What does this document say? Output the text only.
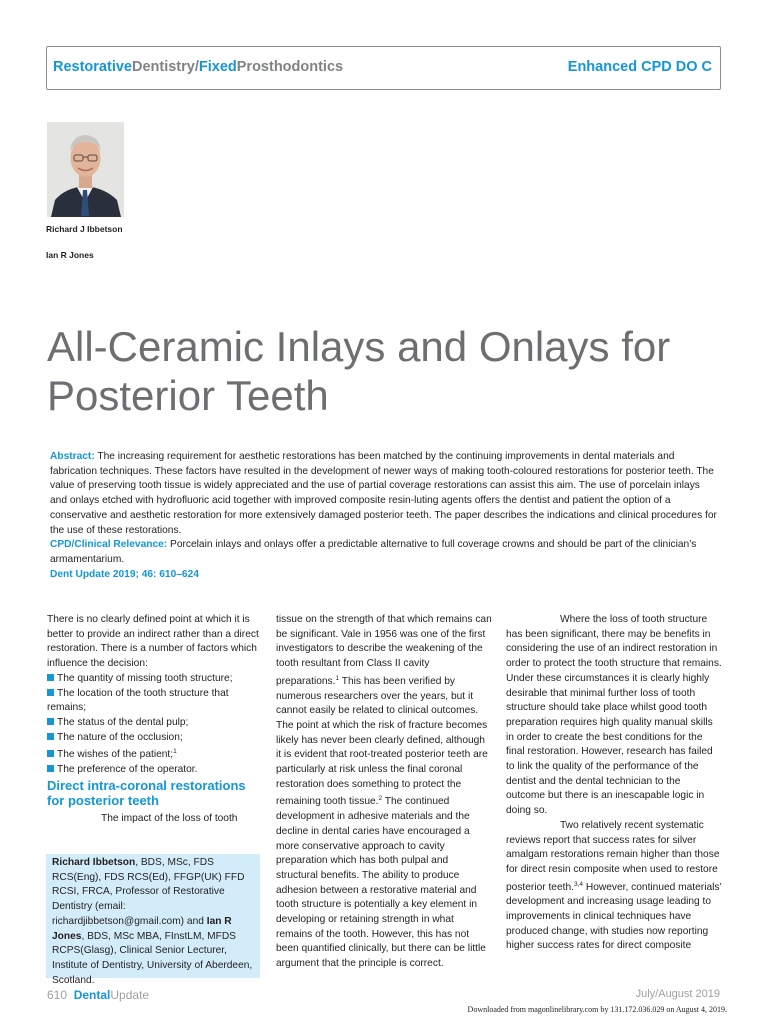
RestorativeDentistry/FixedProsthodontics	Enhanced CPD DO C
Richard J Ibbetson
Ian R Jones
All-Ceramic Inlays and Onlays for
Posterior Teeth

Abstract: The increasing requirement for aesthetic restorations has been matched by the continuing improvements in dental materials and fabrication techniques. These factors have resulted in the development of newer ways of making tooth-coloured restorations for posterior teeth. The value of preserving tooth tissue is widely appreciated and the use of partial coverage restorations can assist this aim. The use of porcelain inlays and onlays etched with hydrofluoric acid together with improved composite resin-luting agents offers the dentist and patient the option of a conservative and aesthetic restoration for more extensively damaged posterior teeth. The paper describes the indications and clinical procedures for the use of these restorations.

CPD/Clinical Relevance: Porcelain inlays and onlays offer a predictable alternative to full coverage crowns and should be part of the clinician’s armamentarium.

Dent Update 2019; 46: 610–624

There is no clearly defined point at which it is better to provide an indirect rather than a direct restoration. There is a number of factors which influence the decision:

The quantity of missing tooth structure;
The location of the tooth structure that remains;
The status of the dental pulp;
The nature of the occlusion;
The wishes of the patient;$^1$
The preference of the operator.

Direct intra-coronal restorations for posterior teeth

The impact of the loss of tooth

Richard Ibbetson, BDS, MSc, FDS RCS(Eng), FDS RCS(Ed), FFGP(UK) FFD RCSI, FRCA, Professor of Restorative Dentistry (email: richardjibbetson@gmail.com) and Ian R Jones, BDS, MSc MBA, FInstLM, MFDS RCPS(Glasg), Clinical Senior Lecturer, Institute of Dentistry, University of Aberdeen, Scotland.

tissue on the strength of that which remains can be significant. Vale in 1956 was one of the first investigators to describe the weakening of the tooth resultant from Class II cavity preparations.$^1$ This has been verified by numerous researchers over the years, but it cannot easily be related to clinical outcomes. The point at which the risk of fracture becomes likely has never been clearly defined, although it is evident that root-treated posterior teeth are particularly at risk unless the final coronal restoration does something to protect the remaining tooth tissue.$^2$ The continued development in adhesive materials and the decline in dental caries have encouraged a more conservative approach to cavity preparation which has both pulpal and structural benefits. The ability to produce adhesion between a restorative material and tooth structure is potentially a key element in developing or retaining strength in what remains of the tooth. However, this has not been quantified clinically, but there can be little argument that the principle is correct.

Where the loss of tooth structure has been significant, there may be benefits in considering the use of an indirect restoration in order to protect the tooth structure that remains. Under these circumstances it is clearly highly desirable that minimal further loss of tooth structure should take place whilst good tooth preparation requires high quality manual skills in order to create the best conditions for the final restoration. However, research has failed to link the quality of the performance of the dentist and the dental technician to the outcome but there is an inescapable logic in doing so.

Two relatively recent systematic reviews report that success rates for silver amalgam restorations remain higher than those for direct resin composite when used to restore posterior teeth.$^{3,4}$ However, continued materials’ development and increasing usage leading to improvements in clinical techniques have produced change, with studies now reporting higher success rates for direct composite

610 DentalUpdate	July/August 2019
Downloaded from magonlinelibrary.com by 131.172.036.029 on August 4, 2019.
